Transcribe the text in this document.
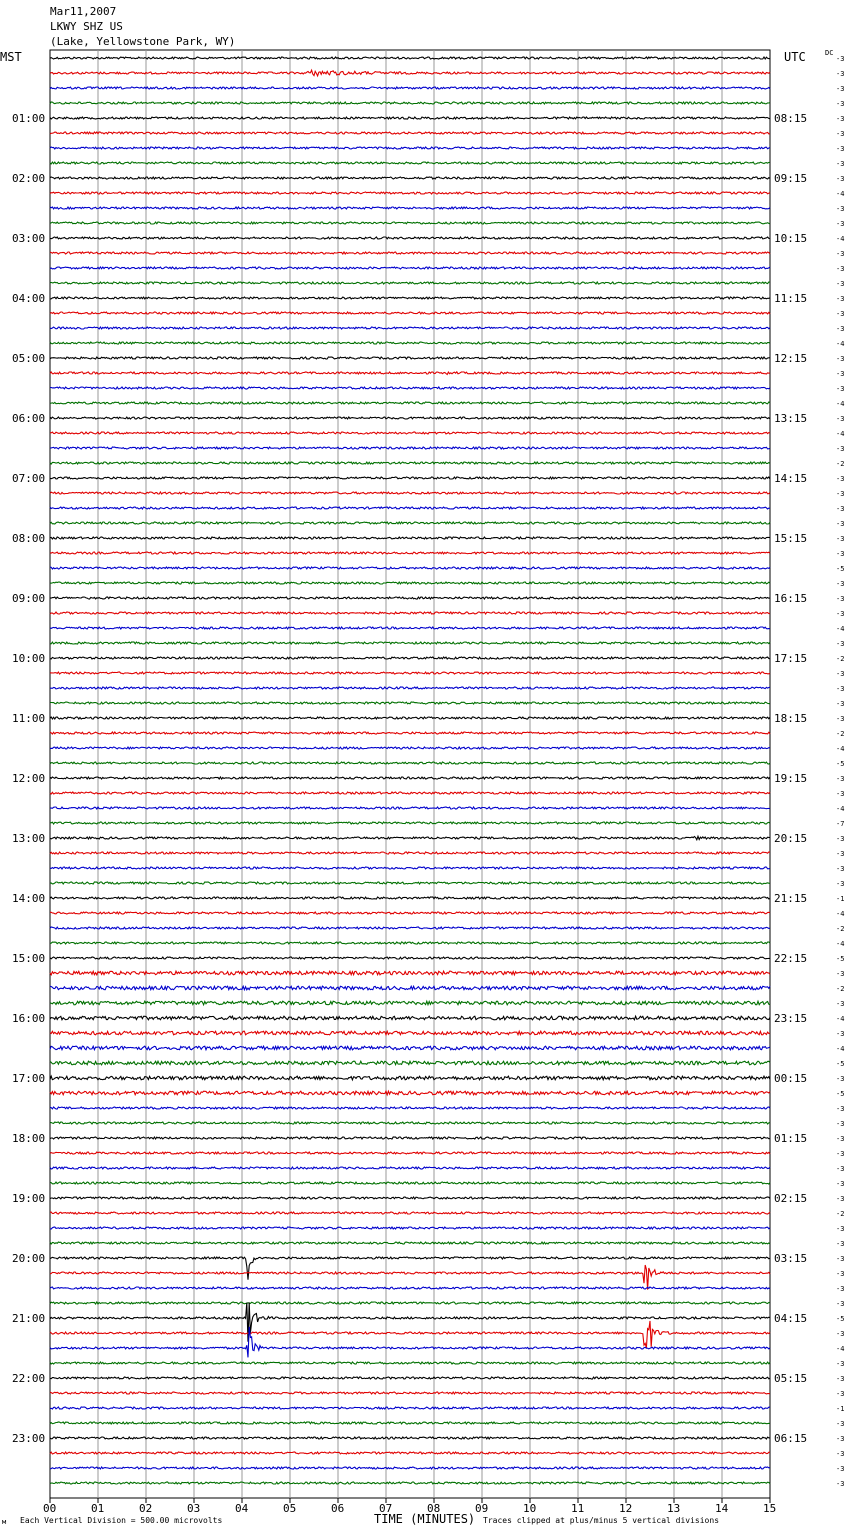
-3
-3
-3
-3
-3
-3
-3
-3
-3
-4
-3
-3
-4
-3
-3
-3
-3
-3
-3
-4
-3
-3
-3
-4
-3
-4
-3
-2
-3
-3
-3
-3
-3
-3
-5
-3
-3
-3
-4
-3
-2
-3
-3
-3
-3
-2
-4
-5
-3
-3
-4
-7
-3
-3
-3
-3
-1
-4
-2
-4
-5
-3
-2
-3
-4
-3
-4
-5
-3
-5
-3
-3
-3
-3
-3
-3
-3
-2
-3
-3
-3
-3
-3
-3
-5
-3
-4
-3
-3
-3
-1
-3
-3
-3
-3
-3
01:00
02:00
03:00
04:00
05:00
06:00
07:00
08:00
09:00
10:00
11:00
12:00
13:00
14:00
15:00
16:00
17:00
18:00
19:00
20:00
21:00
22:00
23:00
08:15
09:15
10:15
11:15
12:15
13:15
14:15
15:15
16:15
17:15
18:15
19:15
20:15
21:15
22:15
23:15
00:15
01:15
02:15
03:15
04:15
05:15
06:15
00	01	02	03	04	05	06	07	08	09	10	11	12	13	14	15
Mar11,2007
LKWY SHZ US
(Lake, Yellowstone Park, WY)
MST	UTC	DC
м Each Vertical Division = 500.00 microvolts	TIME (MINUTES) Traces clipped at plus/minus 5 vertical divisions
